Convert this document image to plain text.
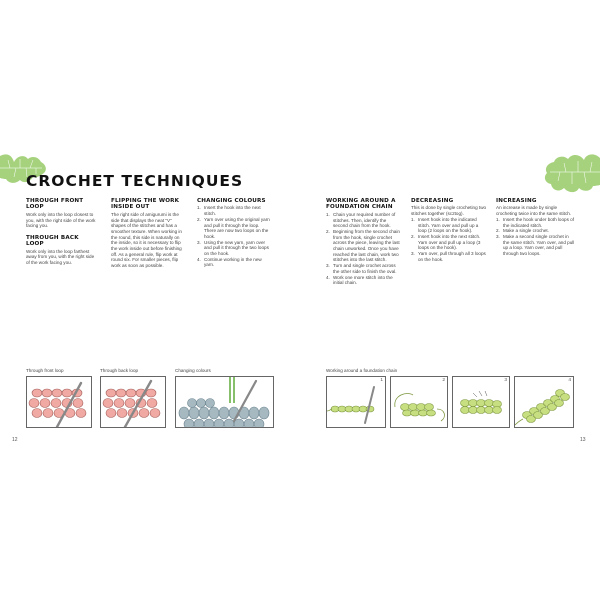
CROCHET TECHNIQUES
THROUGH FRONT LOOP

Work only into the loop closest to you, with the right side of the work facing you.

THROUGH BACK LOOP

Work only into the loop farthest away from you, with the right side of the work facing you.

FLIPPING THE WORK INSIDE OUT

The right side of amigurumi is the side that displays the neat "V" shapes of the stitches and has a smoother texture. When working in the round, this side is naturally on the inside, so it is necessary to flip the work inside out before finishing off. As a general rule, flip work at round six. For smaller pieces, flip work as soon as possible.

CHANGING COLOURS
1. Insert the hook into the next stitch.
2. Yarn over using the original yarn and pull it through the loop. There are now two loops on the hook.
3. Using the new yarn, yarn over and pull it through the two loops on the hook.
4. Continue working in the new yarn.
WORKING AROUND A FOUNDATION CHAIN
1. Chain your required number of stitches. Then, identify the second chain from the hook.
2. Beginning from the second chain from the hook, single crochet across the piece, leaving the last chain unworked. Once you have reached the last chain, work two stitches into the last stitch.
3. Turn and single crochet across the other side to finish the oval.
4. Work one more stitch into the initial chain.
DECREASING

This is done by single crocheting two stitches together (sc2tog).

1. Insert hook into the indicated stitch. Yarn over and pull up a loop (2 loops on the hook).
2. Insert hook into the next stitch. Yarn over and pull up a loop (3 loops on the hook).
3. Yarn over, pull through all 3 loops on the hook.
INCREASING

An increase is made by single crocheting twice into the same stitch.

1. Insert the hook under both loops of the indicated stitch.
2. Make a single crochet.
3. Make a second single crochet in the same stitch. Yarn over, and pull up a loop. Yarn over, and pull through two loops.
Through front loop	Through back loop	Changing colours	Working around a foundation chain
1	2	3	4
12	13
